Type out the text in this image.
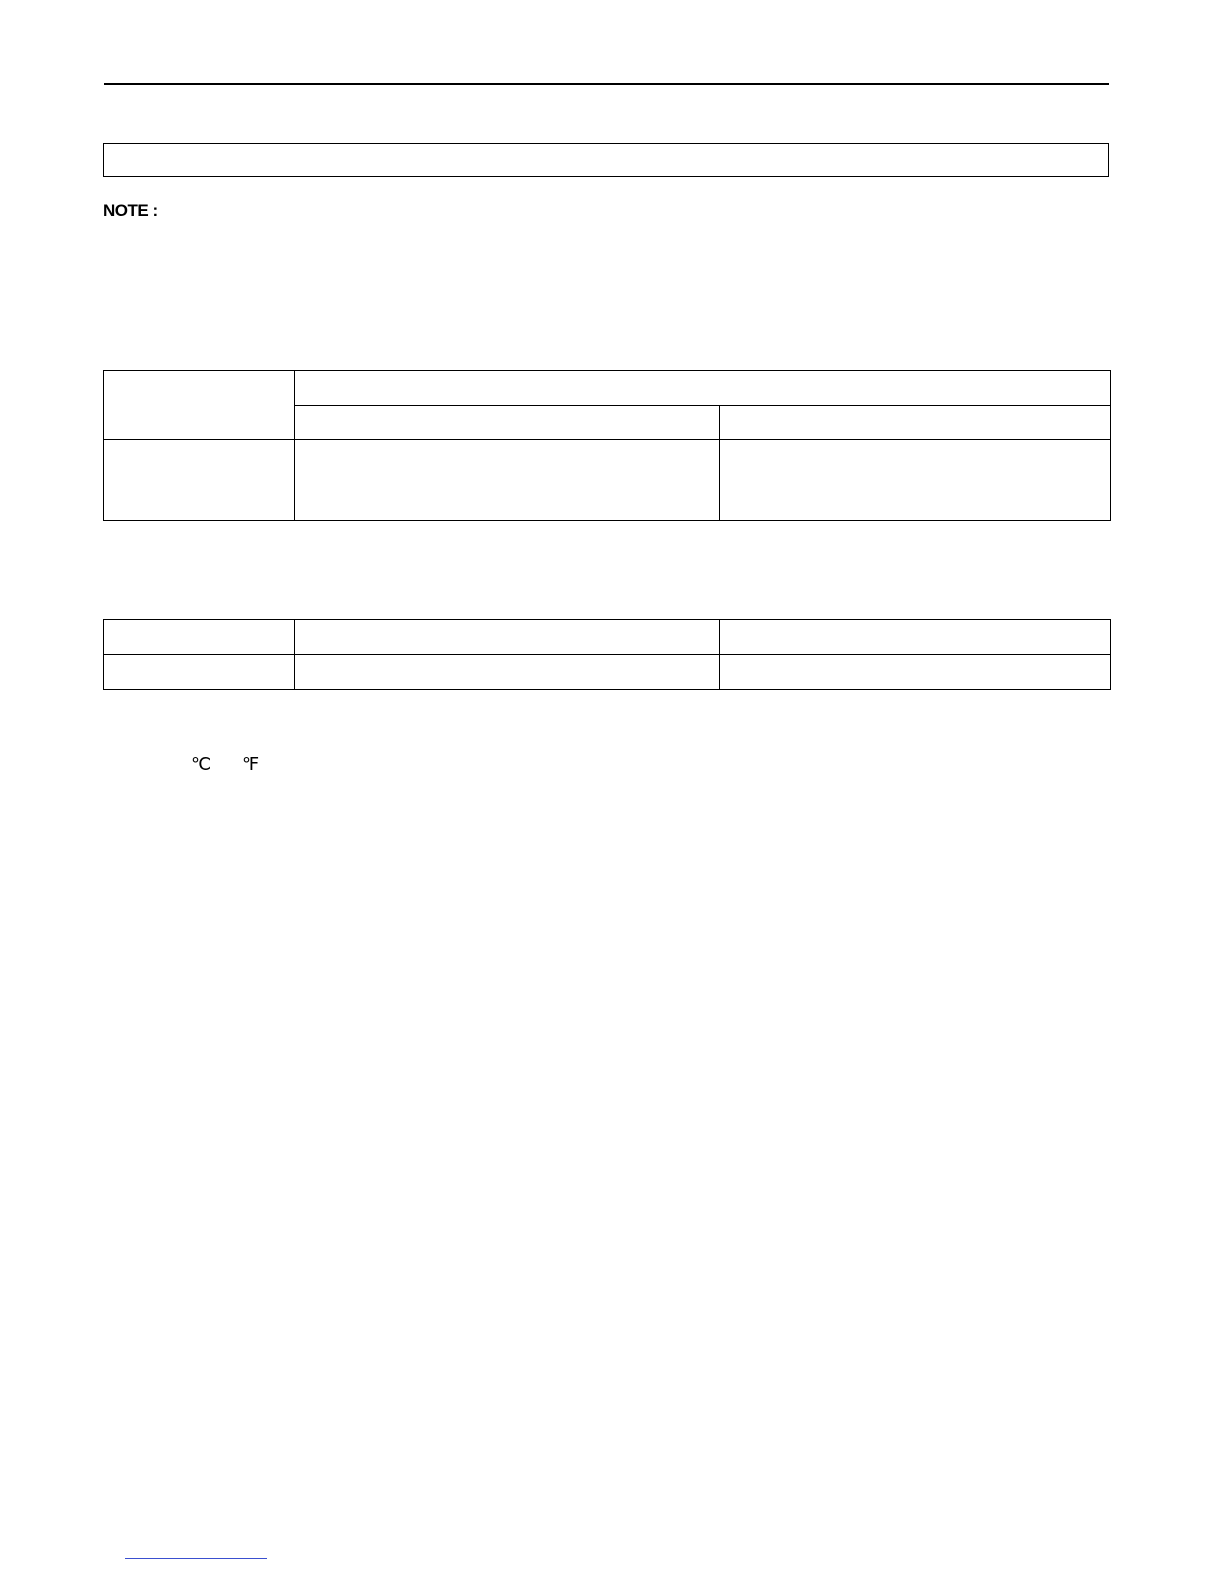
NOTE :

℃ ℉
